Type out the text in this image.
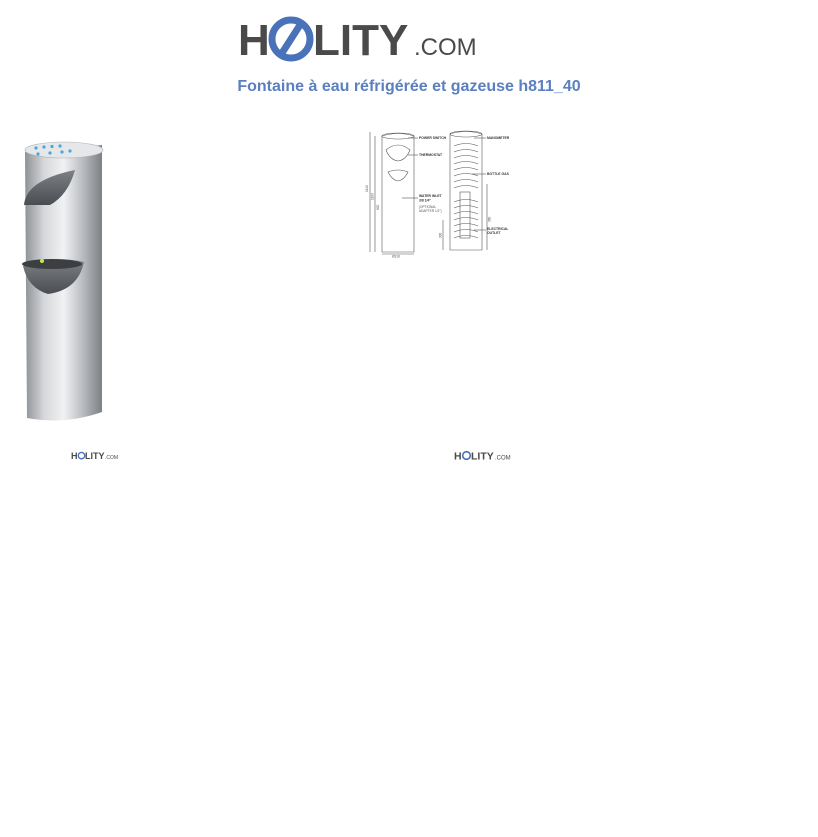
H LITY .COM
Fontaine à eau réfrigérée et gazeuse h811_40
POWER SWITCH
THERMOSTAT
WATER INLET
3/8 1/4"
MANOMETER
BOTTLE GAS
ELECTRICAL
OUTLET
(OPTIONAL
ADAPTER 1/2")
1140
1100
820
300
380
Ø318
H LITY .COM	H LITY .COM
